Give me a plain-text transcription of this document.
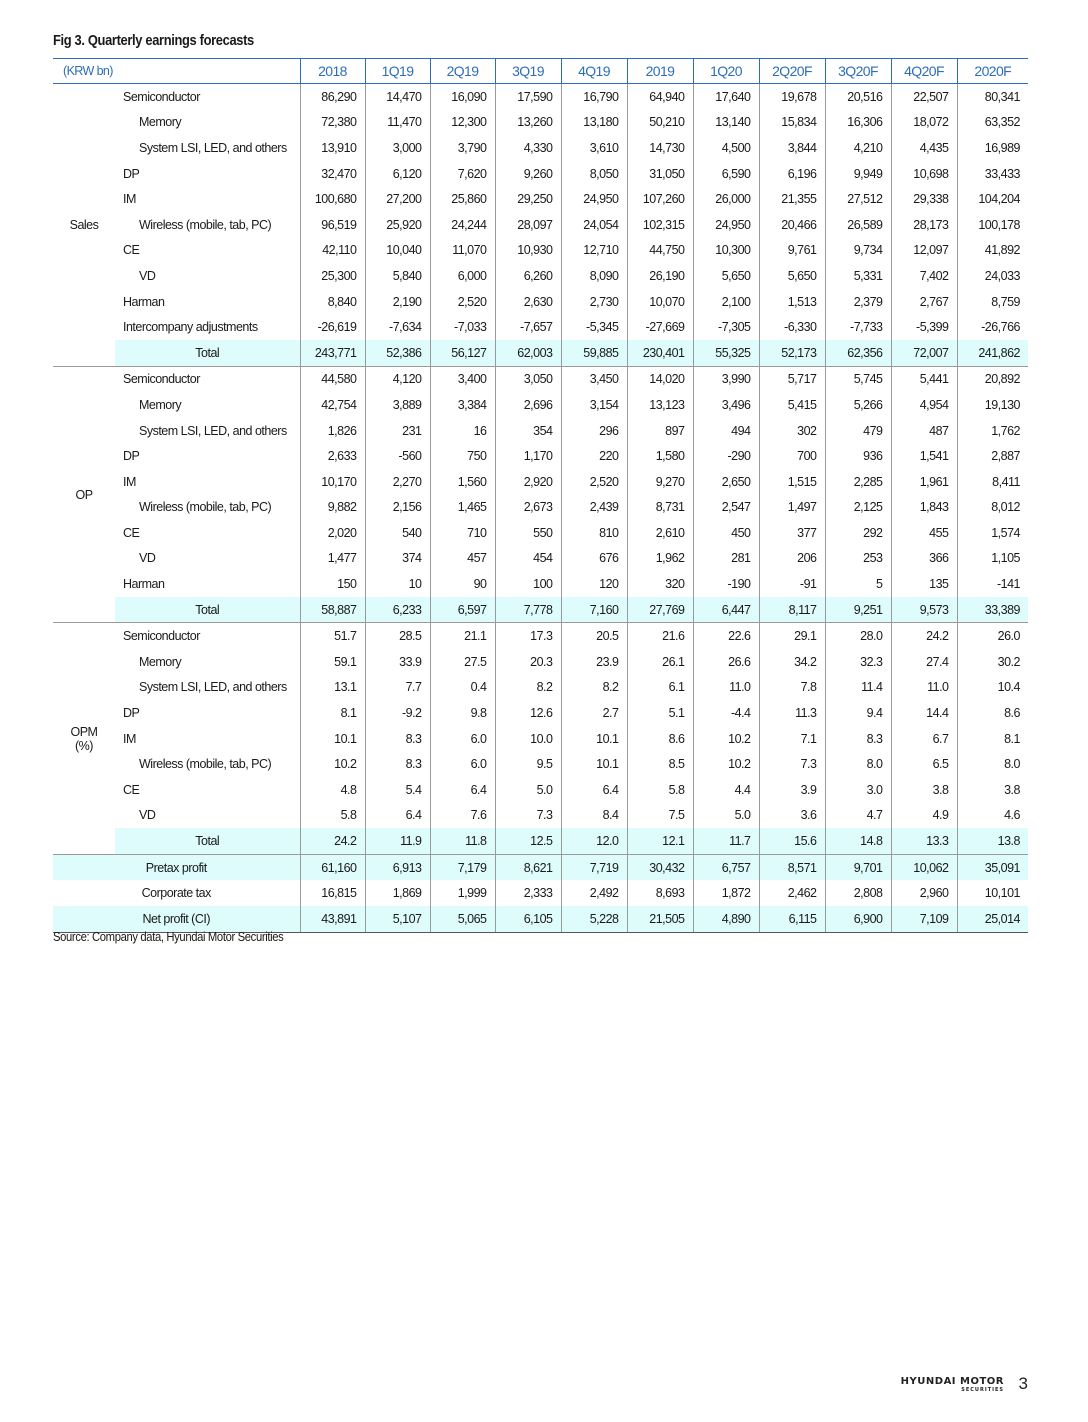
Fig 3. Quarterly earnings forecasts
(KRW bn)		2018	1Q19	2Q19	3Q19	4Q19	2019	1Q20	2Q20F	3Q20F	4Q20F	2020F
Sales	Semiconductor	86,290	14,470	16,090	17,590	16,790	64,940	17,640	19,678	20,516	22,507	80,341
	Memory	72,380	11,470	12,300	13,260	13,180	50,210	13,140	15,834	16,306	18,072	63,352
	System LSI, LED, and others	13,910	3,000	3,790	4,330	3,610	14,730	4,500	3,844	4,210	4,435	16,989
	DP	32,470	6,120	7,620	9,260	8,050	31,050	6,590	6,196	9,949	10,698	33,433
	IM	100,680	27,200	25,860	29,250	24,950	107,260	26,000	21,355	27,512	29,338	104,204
	Wireless (mobile, tab, PC)	96,519	25,920	24,244	28,097	24,054	102,315	24,950	20,466	26,589	28,173	100,178
	CE	42,110	10,040	11,070	10,930	12,710	44,750	10,300	9,761	9,734	12,097	41,892
	VD	25,300	5,840	6,000	6,260	8,090	26,190	5,650	5,650	5,331	7,402	24,033
	Harman	8,840	2,190	2,520	2,630	2,730	10,070	2,100	1,513	2,379	2,767	8,759
	Intercompany adjustments	-26,619	-7,634	-7,033	-7,657	-5,345	-27,669	-7,305	-6,330	-7,733	-5,399	-26,766
	Total	243,771	52,386	56,127	62,003	59,885	230,401	55,325	52,173	62,356	72,007	241,862
OP	Semiconductor	44,580	4,120	3,400	3,050	3,450	14,020	3,990	5,717	5,745	5,441	20,892
	Memory	42,754	3,889	3,384	2,696	3,154	13,123	3,496	5,415	5,266	4,954	19,130
	System LSI, LED, and others	1,826	231	16	354	296	897	494	302	479	487	1,762
	DP	2,633	-560	750	1,170	220	1,580	-290	700	936	1,541	2,887
	IM	10,170	2,270	1,560	2,920	2,520	9,270	2,650	1,515	2,285	1,961	8,411
	Wireless (mobile, tab, PC)	9,882	2,156	1,465	2,673	2,439	8,731	2,547	1,497	2,125	1,843	8,012
	CE	2,020	540	710	550	810	2,610	450	377	292	455	1,574
	VD	1,477	374	457	454	676	1,962	281	206	253	366	1,105
	Harman	150	10	90	100	120	320	-190	-91	5	135	-141
	Total	58,887	6,233	6,597	7,778	7,160	27,769	6,447	8,117	9,251	9,573	33,389
OPM
(%)	Semiconductor	51.7	28.5	21.1	17.3	20.5	21.6	22.6	29.1	28.0	24.2	26.0
	Memory	59.1	33.9	27.5	20.3	23.9	26.1	26.6	34.2	32.3	27.4	30.2
	System LSI, LED, and others	13.1	7.7	0.4	8.2	8.2	6.1	11.0	7.8	11.4	11.0	10.4
	DP	8.1	-9.2	9.8	12.6	2.7	5.1	-4.4	11.3	9.4	14.4	8.6
	IM	10.1	8.3	6.0	10.0	10.1	8.6	10.2	7.1	8.3	6.7	8.1
	Wireless (mobile, tab, PC)	10.2	8.3	6.0	9.5	10.1	8.5	10.2	7.3	8.0	6.5	8.0
	CE	4.8	5.4	6.4	5.0	6.4	5.8	4.4	3.9	3.0	3.8	3.8
	VD	5.8	6.4	7.6	7.3	8.4	7.5	5.0	3.6	4.7	4.9	4.6
	Total	24.2	11.9	11.8	12.5	12.0	12.1	11.7	15.6	14.8	13.3	13.8
Pretax profit		61,160	6,913	7,179	8,621	7,719	30,432	6,757	8,571	9,701	10,062	35,091
Corporate tax		16,815	1,869	1,999	2,333	2,492	8,693	1,872	2,462	2,808	2,960	10,101
Net profit (CI)		43,891	5,107	5,065	6,105	5,228	21,505	4,890	6,115	6,900	7,109	25,014
Source: Company data, Hyundai Motor Securities
HYUNDAI MOTOR
SECURITIES 3
